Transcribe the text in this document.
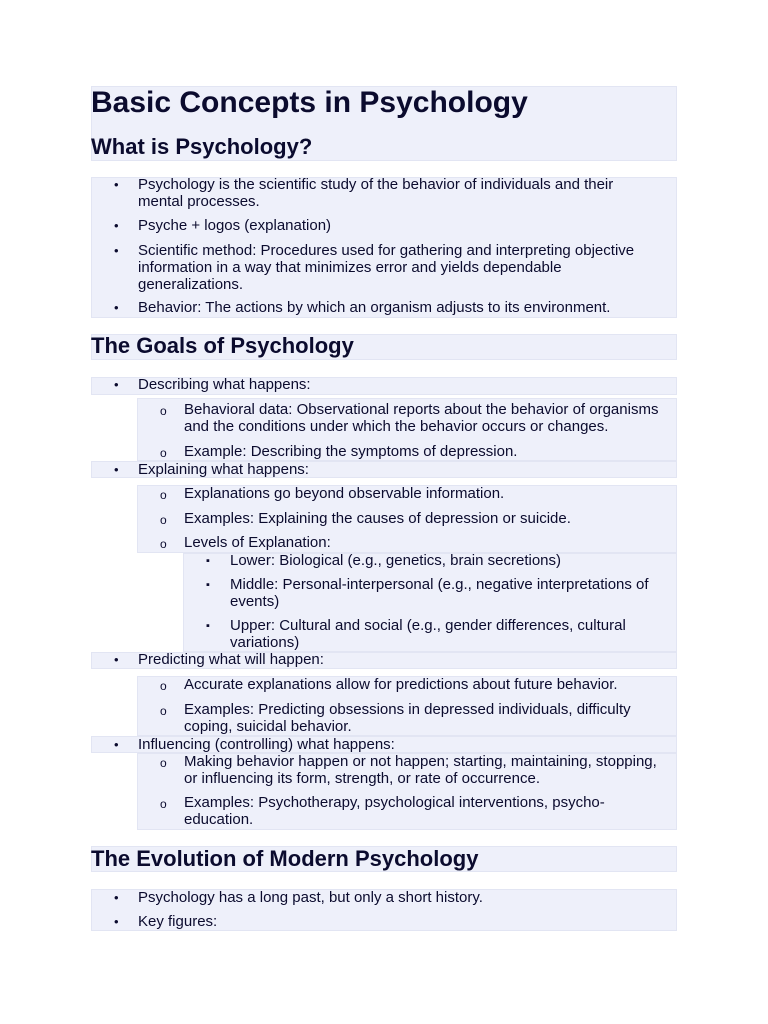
Basic Concepts in Psychology
What is Psychology?
• Psychology is the scientific study of the behavior of individuals and their
mental processes.
• Psyche + logos (explanation)
• Scientific method: Procedures used for gathering and interpreting objective
information in a way that minimizes error and yields dependable
generalizations.
• Behavior: The actions by which an organism adjusts to its environment.
The Goals of Psychology
• Describing what happens:
o Behavioral data: Observational reports about the behavior of organisms
and the conditions under which the behavior occurs or changes.
o Example: Describing the symptoms of depression.
• Explaining what happens:
o Explanations go beyond observable information.
o Examples: Explaining the causes of depression or suicide.
o Levels of Explanation:
▪ Lower: Biological (e.g., genetics, brain secretions)
▪ Middle: Personal-interpersonal (e.g., negative interpretations of
events)
▪ Upper: Cultural and social (e.g., gender differences, cultural
variations)
• Predicting what will happen:
o Accurate explanations allow for predictions about future behavior.
o Examples: Predicting obsessions in depressed individuals, difficulty
coping, suicidal behavior.
• Influencing (controlling) what happens:
o Making behavior happen or not happen; starting, maintaining, stopping,
or influencing its form, strength, or rate of occurrence.
o Examples: Psychotherapy, psychological interventions, psycho-
education.
The Evolution of Modern Psychology
• Psychology has a long past, but only a short history.
• Key figures:
